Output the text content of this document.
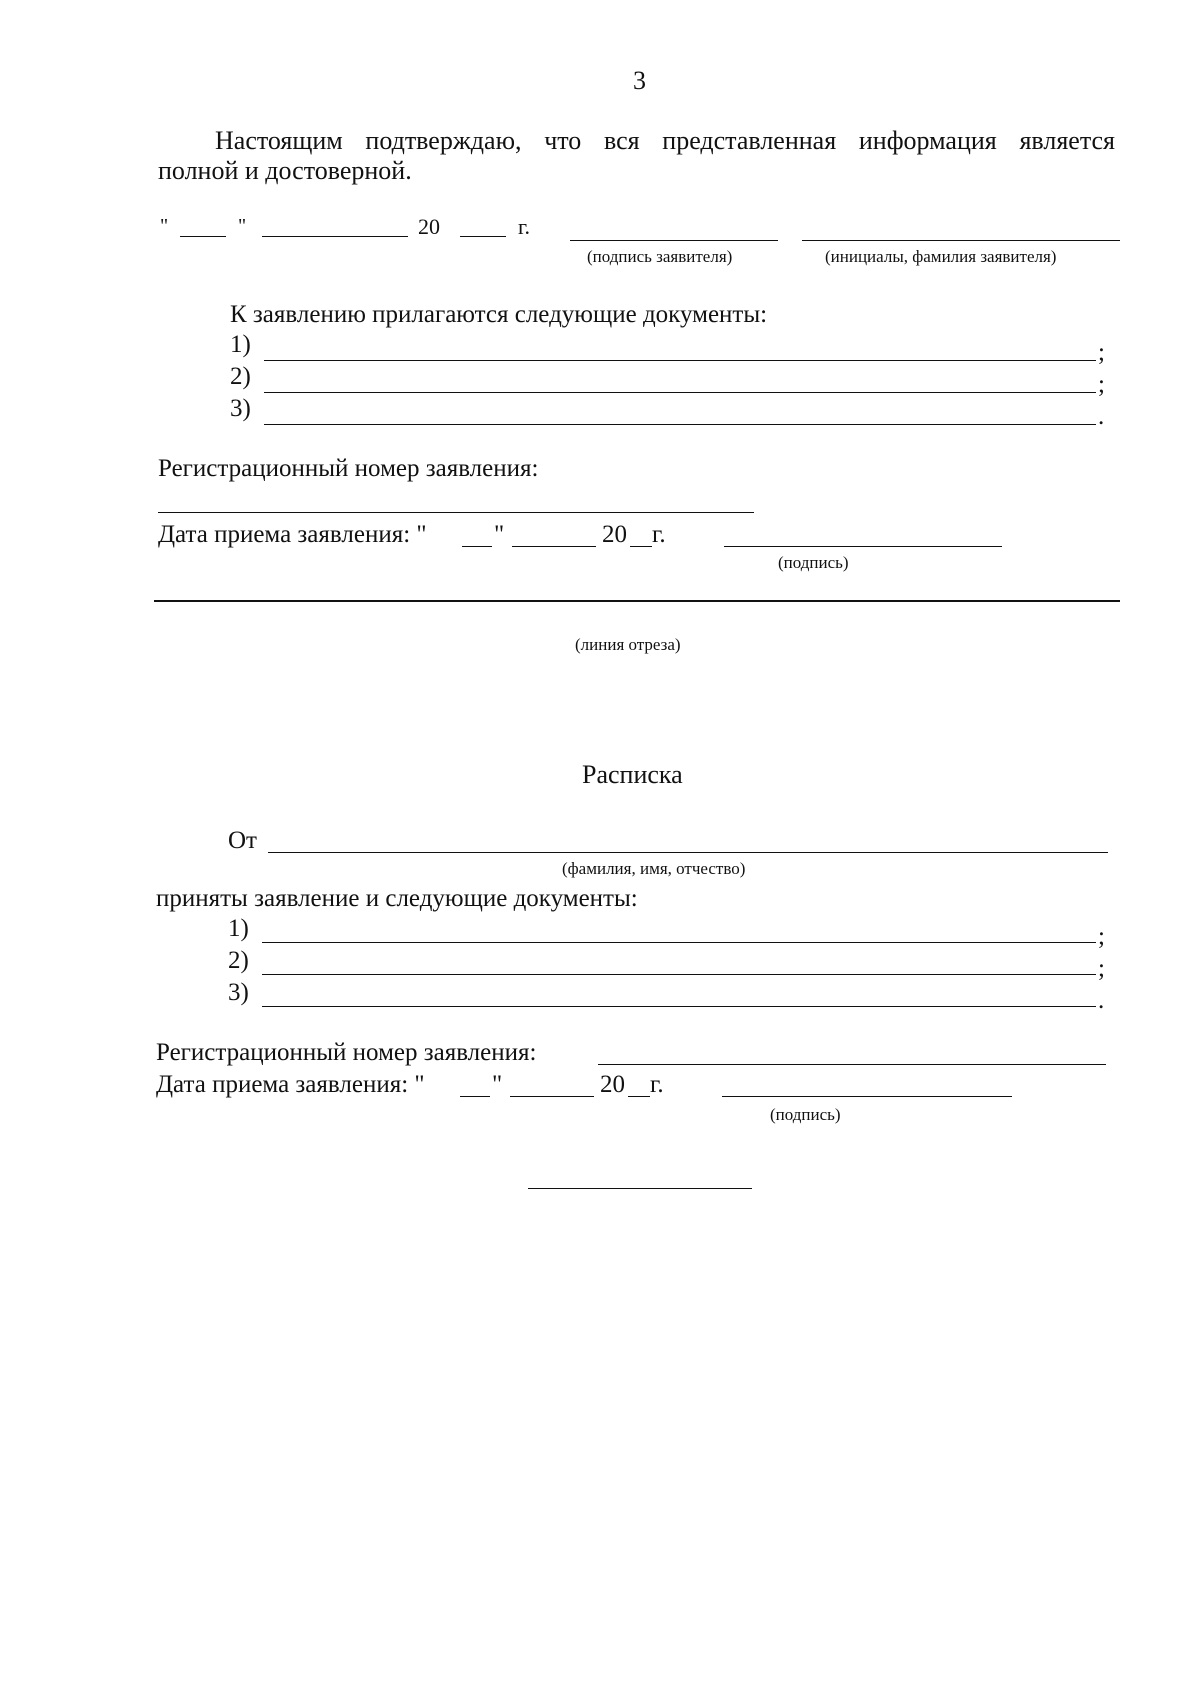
3
Настоящим подтверждаю, что вся представленная информация является
полной и достоверной.
"	"	20	г.
(подпись заявителя)	(инициалы, фамилия заявителя)
К заявлению прилагаются следующие документы:
1)	;
2)	;
3)	.
Регистрационный номер заявления:
Дата приема заявления: "	"	20 г.
(подпись)
(линия отреза)
Расписка
От
(фамилия, имя, отчество)
приняты заявление и следующие документы:
1)	;
2)	;
3)	.
Регистрационный номер заявления:
Дата приема заявления: "	"	20 г.
(подпись)
